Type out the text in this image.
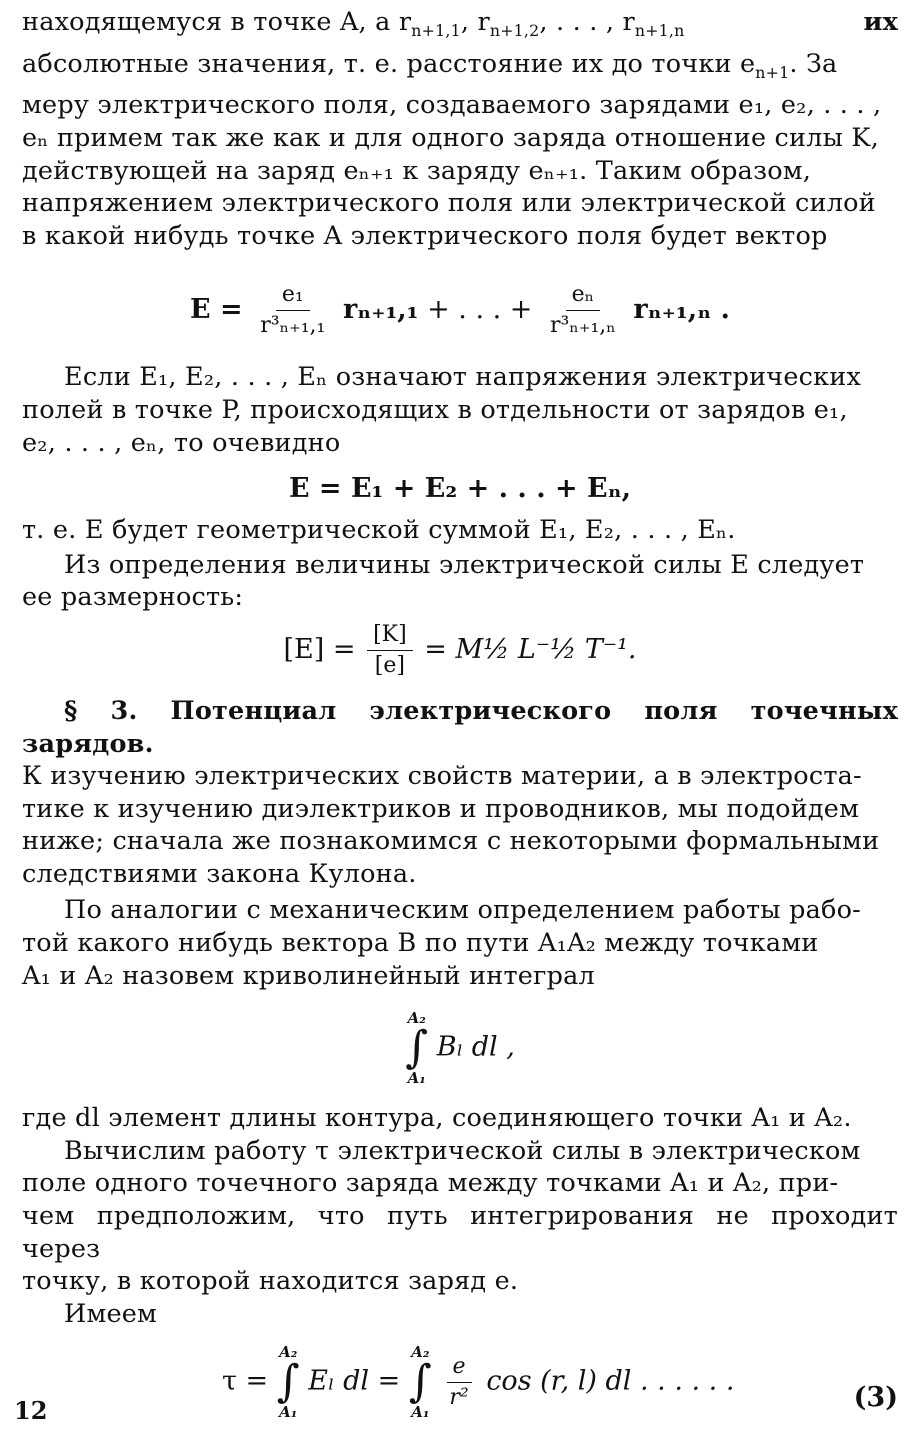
находящемуся в точке A, а $r_{n+1,1}$, $r_{n+1,2}$, . . . , $r_{n+1,n}$	их
абсолютные значения, т. е. расстояние их до точки $e_{n+1}$. За
меру электрического поля, создаваемого зарядами e₁, e₂, . . . ,
eₙ примем так же как и для одного заряда отношение силы K,
действующей на заряд eₙ₊₁ к заряду eₙ₊₁. Таким образом,
напряжением электрического поля или электрической силой
в какой нибудь точке A электрического поля будет вектор
$E = \frac{\text{e₁}}{\text{r³ₙ₊₁,₁}} r_{n+1},_1$ + . . . + $\frac{\text{eₙ}}{\text{r³ₙ₊₁,ₙ}} r_{n+1},_n$ .
Если E₁, E₂, . . . , Eₙ означают напряжения электрических
полей в точке P, происходящих в отдельности от зарядов e₁,
e₂, . . . , eₙ, то очевидно
E = E₁ + E₂ + . . . + Eₙ,
т. е. E будет геометрической суммой E₁, E₂, . . . , Eₙ.
Из определения величины электрической силы E следует
ее размерность:
$[E] = \frac{[K]}{[e]}$ = M½ L⁻½ T⁻¹.
§ 3. Потенциал электрического поля точечных зарядов.
К изучению электрических свойств материи, а в электроста-
тике к изучению диэлектриков и проводников, мы подойдем
ниже; сначала же познакомимся с некоторыми формальными
следствиями закона Кулона.
По аналогии с механическим определением работы рабо-
той какого нибудь вектора B по пути A₁A₂ между точками
A₁ и A₂ назовем криволинейный интеграл
A₂
∫
A₁
Bₗ dl ,
где dl элемент длины контура, соединяющего точки A₁ и A₂.
Вычислим работу τ электрической силы в электрическом
поле одного точечного заряда между точками A₁ и A₂, при-
чем предположим, что путь интегрирования не проходит через
точку, в которой находится заряд e.
Имеем
τ =
A₂
∫
A₁
Eₗ dl =
A₂
∫
A₁

$\frac{e}{\text{r²}}$ cos (r, l) dl . . . . . .
(3)
12
